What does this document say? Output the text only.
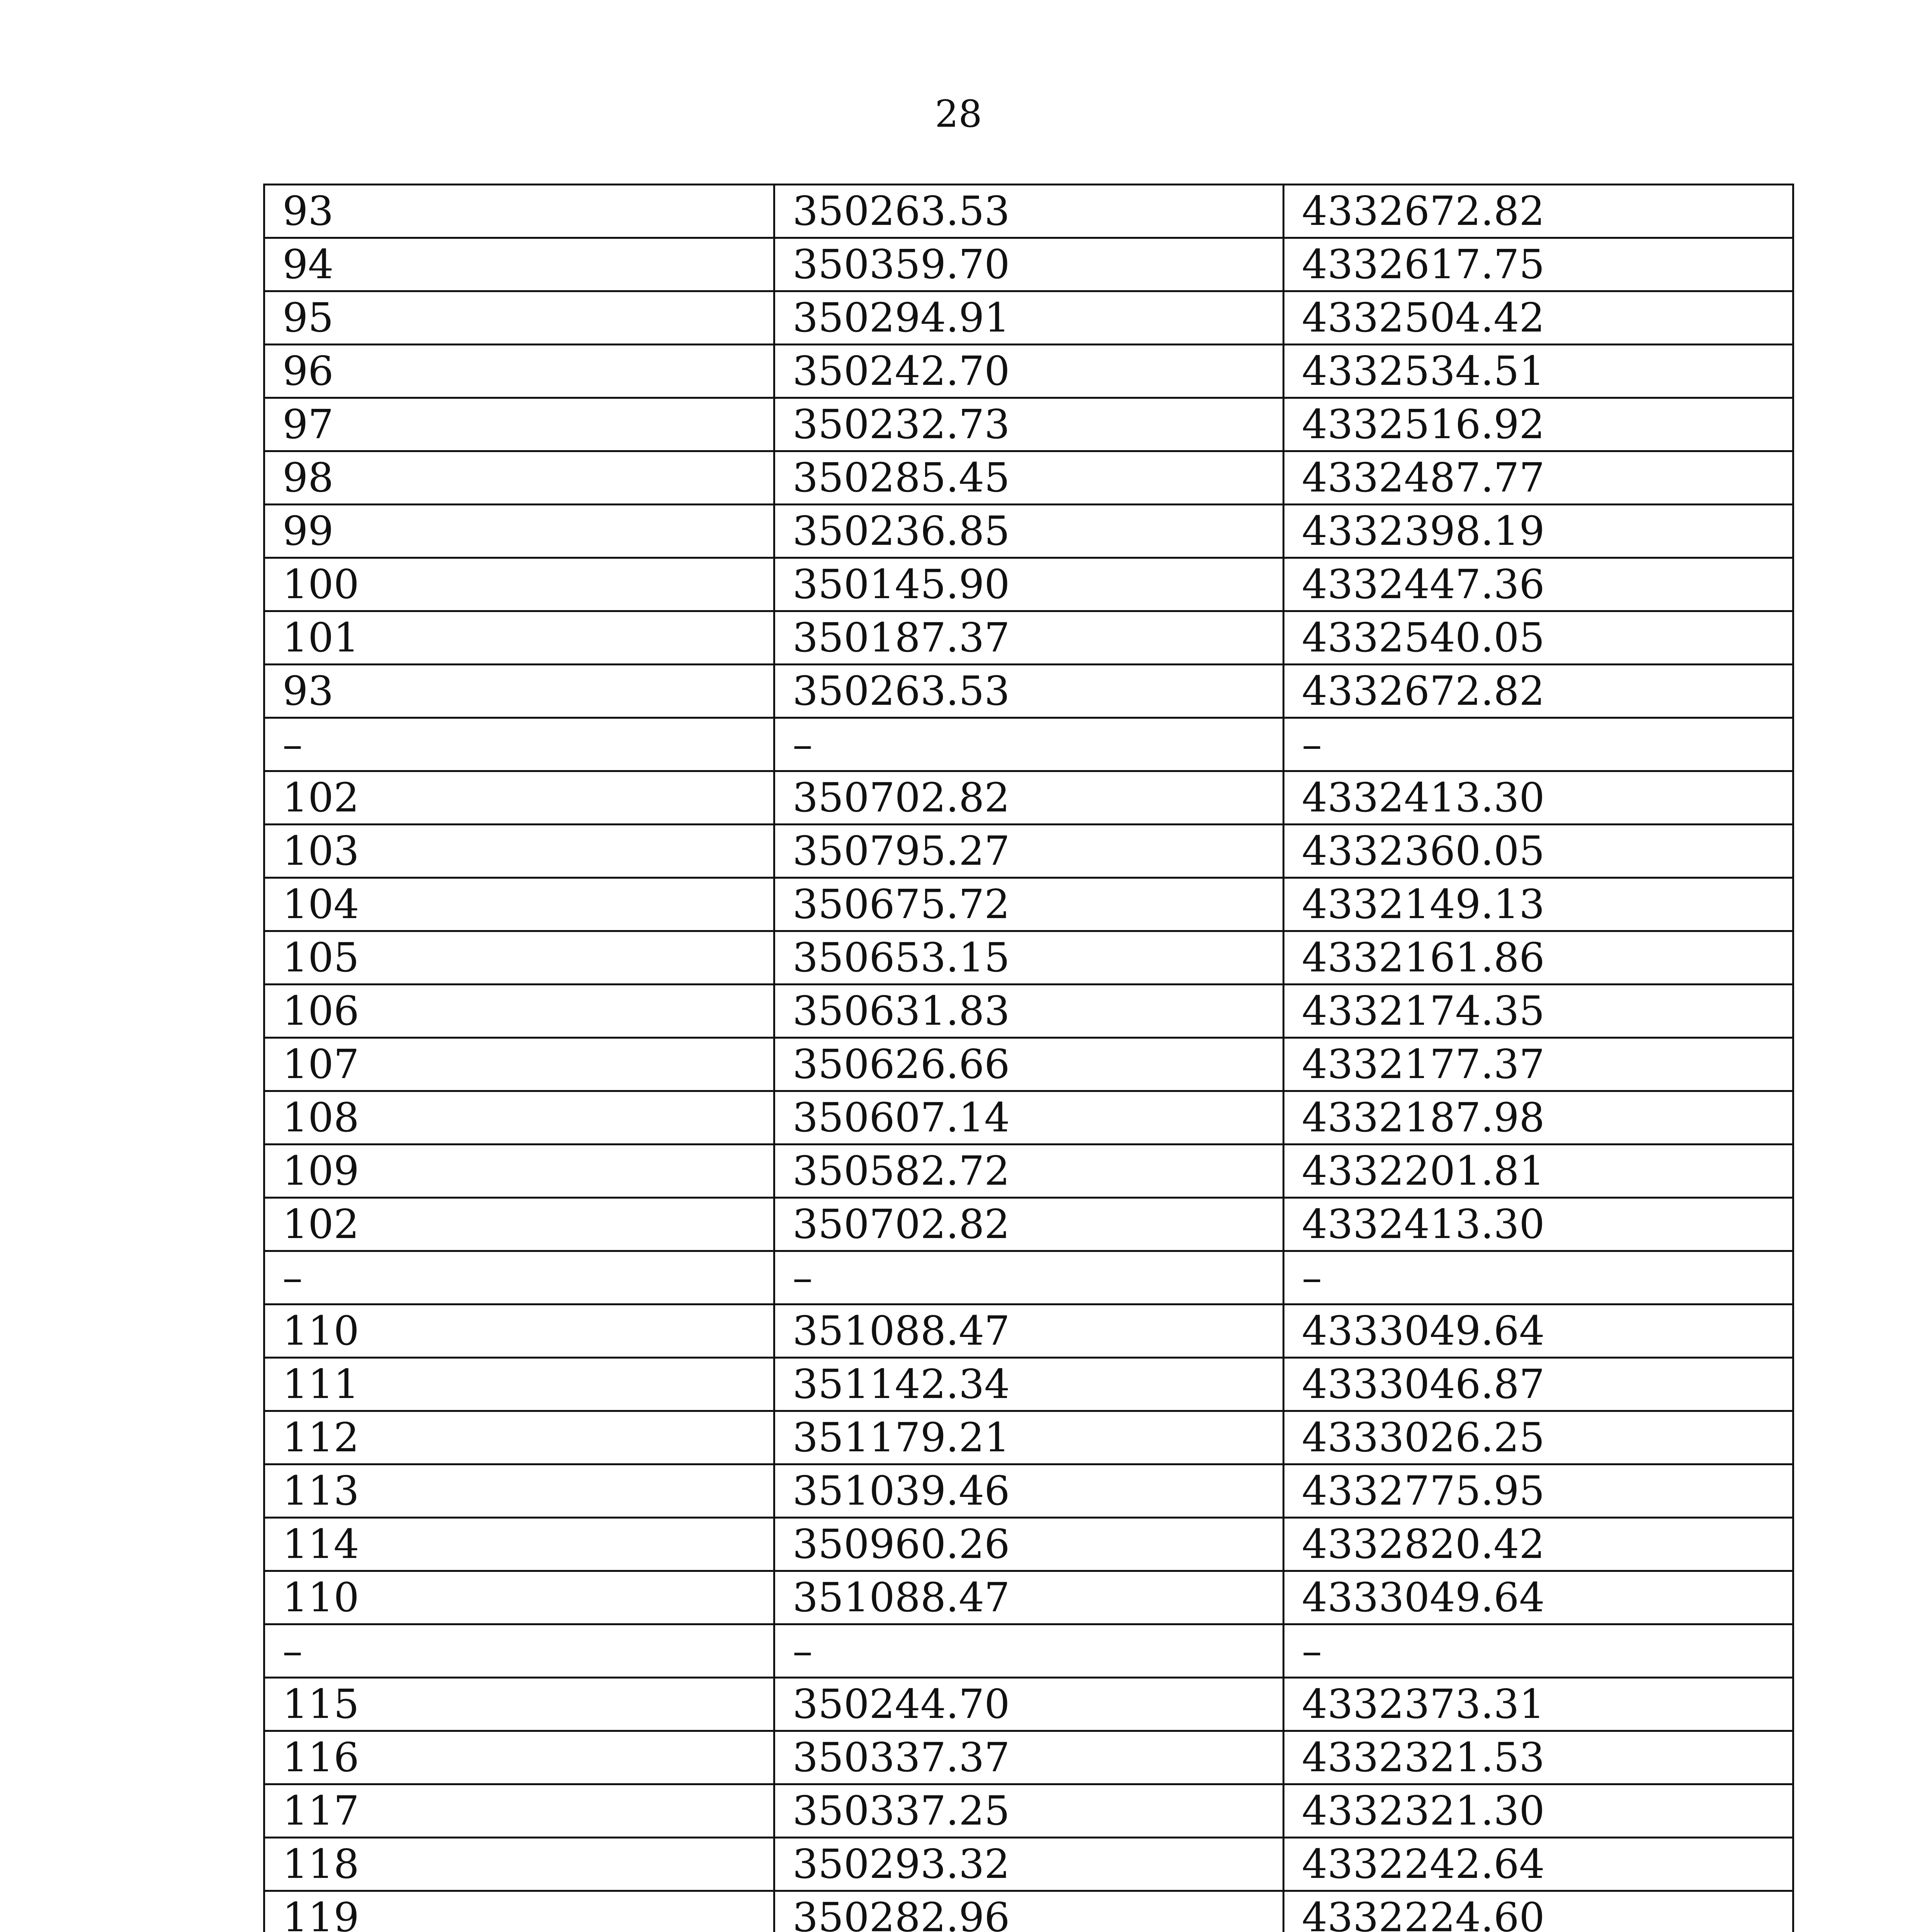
28
93	350263.53	4332672.82
94	350359.70	4332617.75
95	350294.91	4332504.42
96	350242.70	4332534.51
97	350232.73	4332516.92
98	350285.45	4332487.77
99	350236.85	4332398.19
100	350145.90	4332447.36
101	350187.37	4332540.05
93	350263.53	4332672.82
–	–	–
102	350702.82	4332413.30
103	350795.27	4332360.05
104	350675.72	4332149.13
105	350653.15	4332161.86
106	350631.83	4332174.35
107	350626.66	4332177.37
108	350607.14	4332187.98
109	350582.72	4332201.81
102	350702.82	4332413.30
–	–	–
110	351088.47	4333049.64
111	351142.34	4333046.87
112	351179.21	4333026.25
113	351039.46	4332775.95
114	350960.26	4332820.42
110	351088.47	4333049.64
–	–	–
115	350244.70	4332373.31
116	350337.37	4332321.53
117	350337.25	4332321.30
118	350293.32	4332242.64
119	350282.96	4332224.60
